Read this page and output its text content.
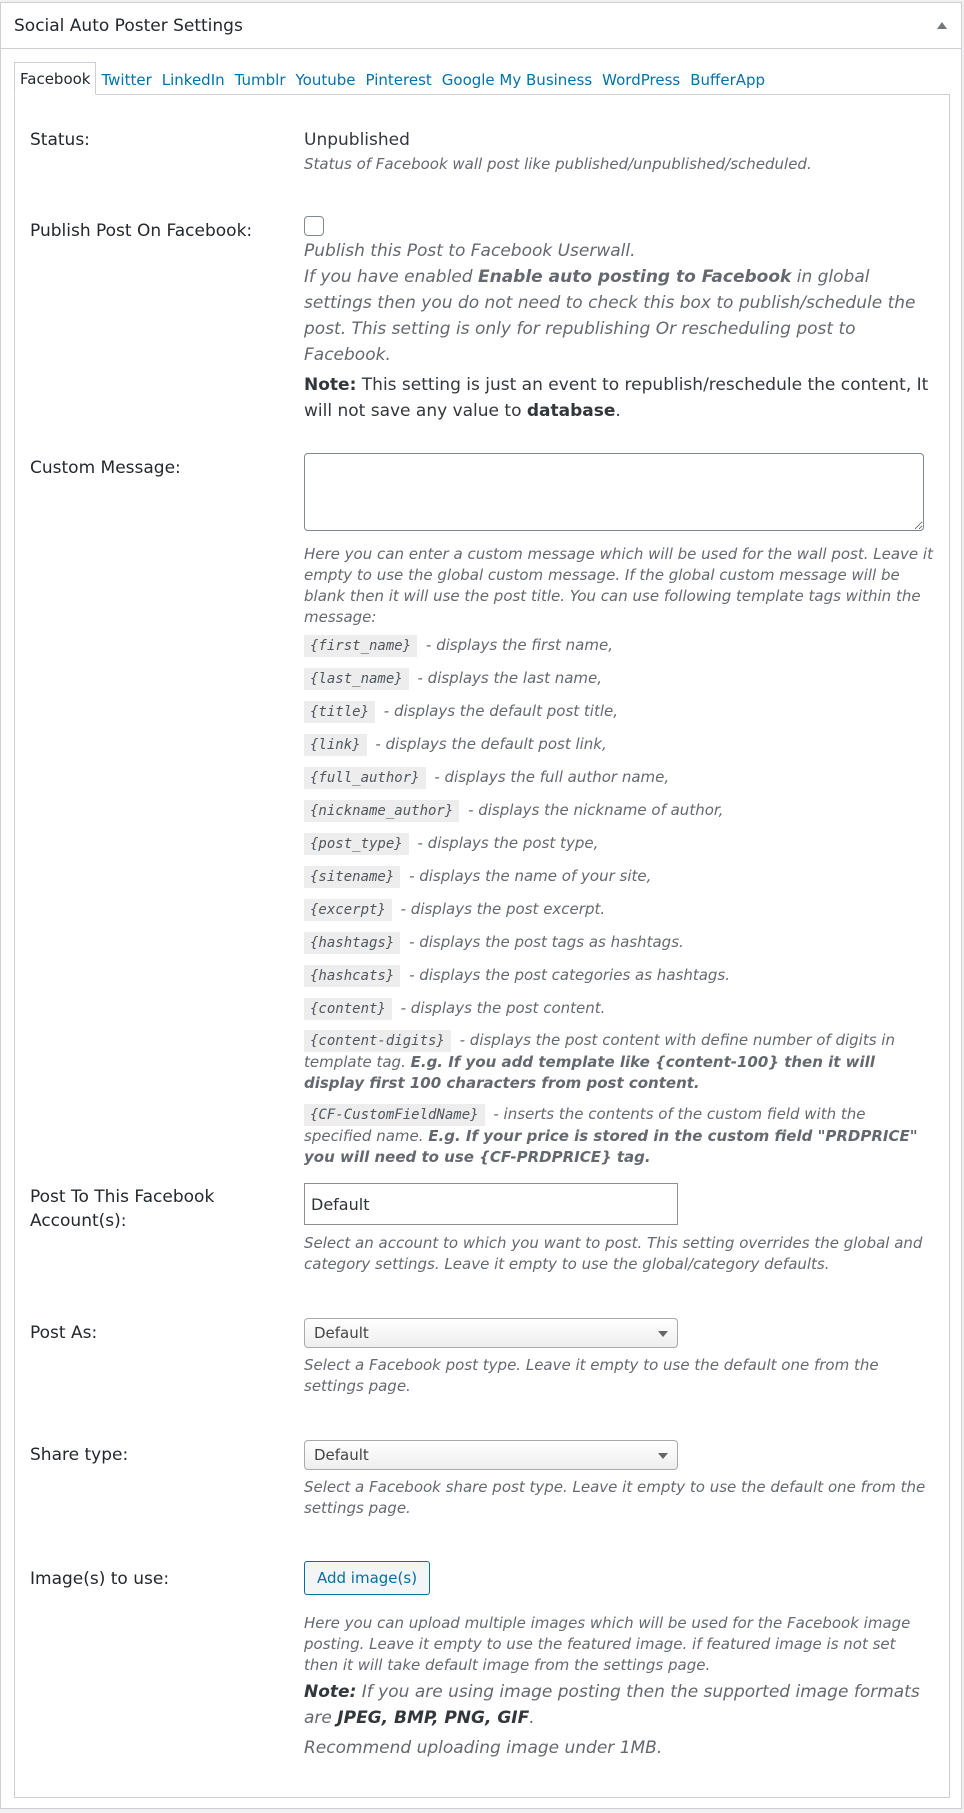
Social Auto Poster Settings
Facebook Twitter LinkedIn Tumblr Youtube Pinterest Google My Business WordPress BufferApp
Status:	Unpublished
Status of Facebook wall post like published/unpublished/scheduled.
Publish Post On Facebook:
Publish this Post to Facebook Userwall.
If you have enabled Enable auto posting to Facebook in global settings then you do not need to check this box to publish/schedule the post. This setting is only for republishing Or rescheduling post to Facebook.
Note: This setting is just an event to republish/reschedule the content, It will not save any value to database.
Custom Message:
Here you can enter a custom message which will be used for the wall post. Leave it empty to use the global custom message. If the global custom message will be blank then it will use the post title. You can use following template tags within the message:
{first_name} - displays the first name,
{last_name} - displays the last name,
{title} - displays the default post title,
{link} - displays the default post link,
{full_author} - displays the full author name,
{nickname_author} - displays the nickname of author,
{post_type} - displays the post type,
{sitename} - displays the name of your site,
{excerpt} - displays the post excerpt.
{hashtags} - displays the post tags as hashtags.
{hashcats} - displays the post categories as hashtags.
{content} - displays the post content.
{content-digits} - displays the post content with define number of digits in template tag. E.g. If you add template like {content-100} then it will display first 100 characters from post content.
{CF-CustomFieldName} - inserts the contents of the custom field with the specified name. E.g. If your price is stored in the custom field "PRDPRICE" you will need to use {CF-PRDPRICE} tag.
Post To This Facebook Account(s):
Default
Select an account to which you want to post. This setting overrides the global and category settings. Leave it empty to use the global/category defaults.
Post As:	Default
Select a Facebook post type. Leave it empty to use the default one from the settings page.
Share type:	Default
Select a Facebook share post type. Leave it empty to use the default one from the settings page.
Image(s) to use:	Add image(s)
Here you can upload multiple images which will be used for the Facebook image posting. Leave it empty to use the featured image. if featured image is not set then it will take default image from the settings page.
Note: If you are using image posting then the supported image formats are JPEG, BMP, PNG, GIF.
Recommend uploading image under 1MB.
